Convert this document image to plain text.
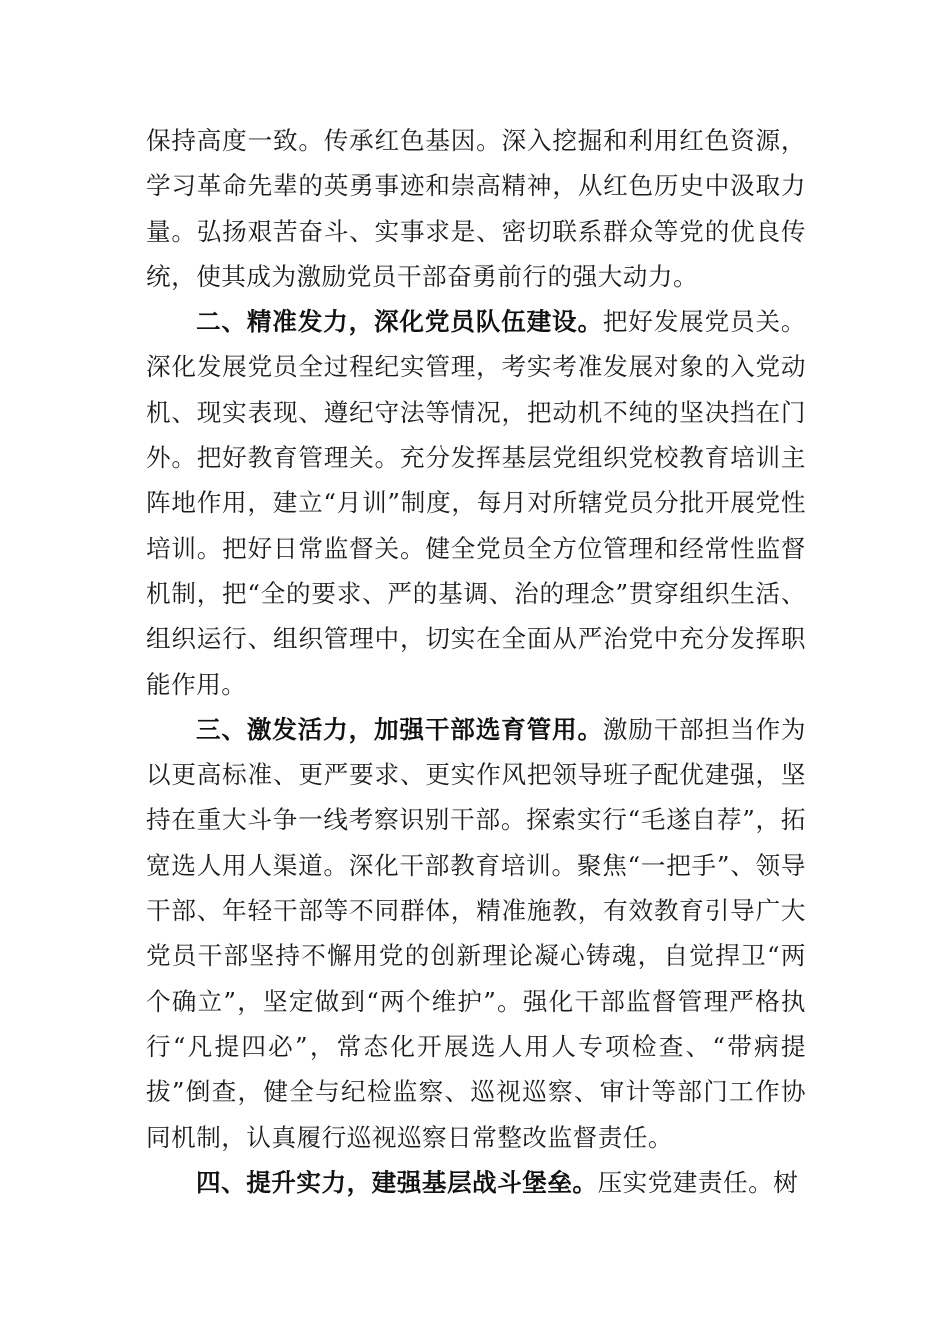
保持高度一致。传承红色基因。深入挖掘和利用红色资源，学习革命先辈的英勇事迹和崇高精神，从红色历史中汲取力量。弘扬艰苦奋斗、实事求是、密切联系群众等党的优良传统，使其成为激励党员干部奋勇前行的强大动力。

二、精准发力，深化党员队伍建设。把好发展党员关。深化发展党员全过程纪实管理，考实考准发展对象的入党动机、现实表现、遵纪守法等情况，把动机不纯的坚决挡在门外。把好教育管理关。充分发挥基层党组织党校教育培训主阵地作用，建立“月训”制度，每月对所辖党员分批开展党性培训。把好日常监督关。健全党员全方位管理和经常性监督机制，把“全的要求、严的基调、治的理念”贯穿组织生活、组织运行、组织管理中，切实在全面从严治党中充分发挥职能作用。

三、激发活力，加强干部选育管用。激励干部担当作为以更高标准、更严要求、更实作风把领导班子配优建强，坚持在重大斗争一线考察识别干部。探索实行“毛遂自荐”，拓宽选人用人渠道。深化干部教育培训。聚焦“一把手”、领导干部、年轻干部等不同群体，精准施教，有效教育引导广大党员干部坚持不懈用党的创新理论凝心铸魂，自觉捍卫“两个确立”，坚定做到“两个维护”。强化干部监督管理严格执行“凡提四必”，常态化开展选人用人专项检查、“带病提拔”倒查，健全与纪检监察、巡视巡察、审计等部门工作协同机制，认真履行巡视巡察日常整改监督责任。

四、提升实力，建强基层战斗堡垒。压实党建责任。树
